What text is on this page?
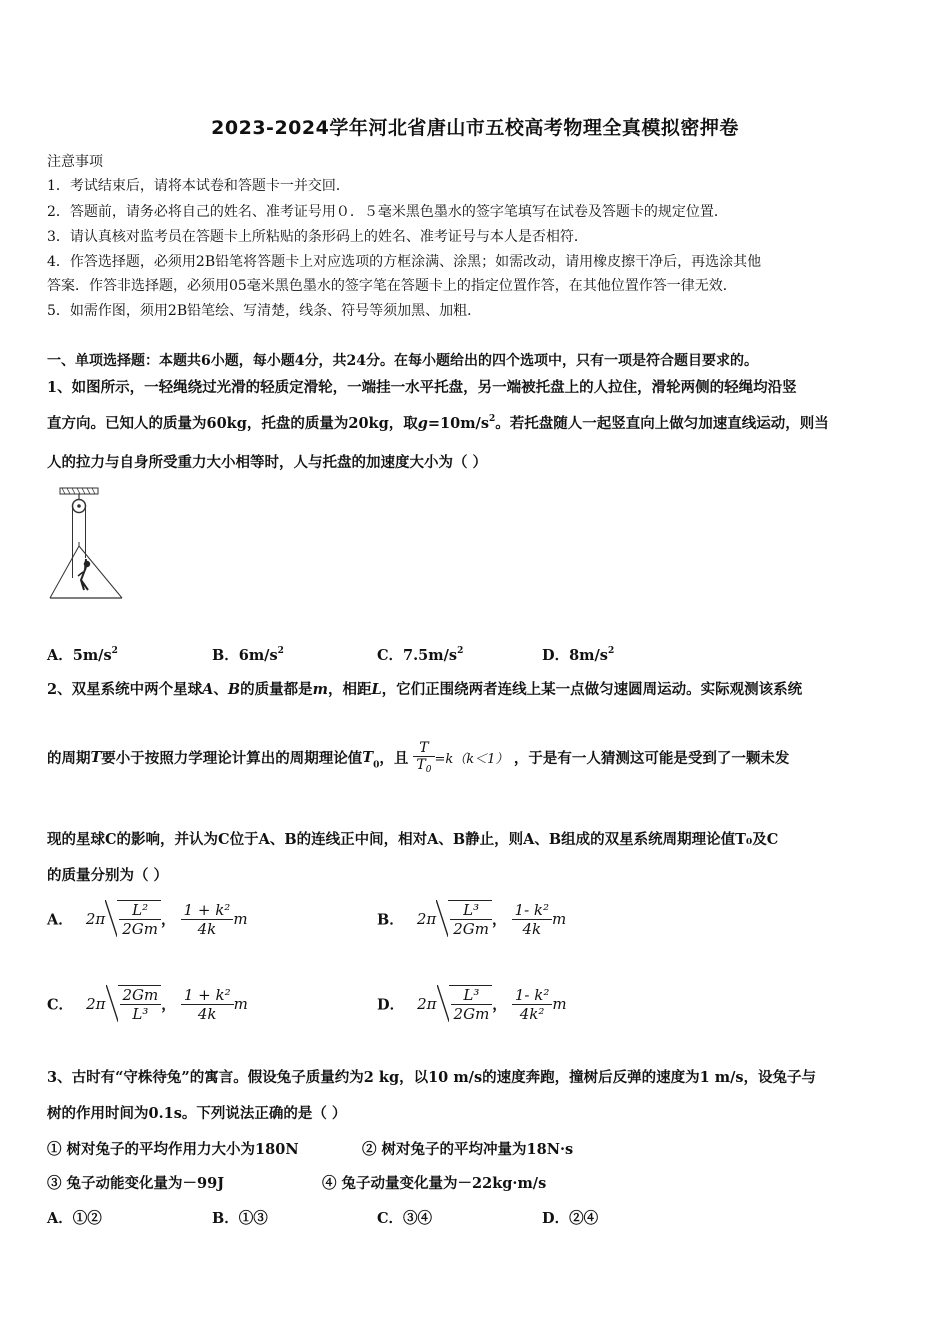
2023-2024学年河北省唐山市五校高考物理全真模拟密押卷
注意事项
1．考试结束后，请将本试卷和答题卡一并交回．
2．答题前，请务必将自己的姓名、准考证号用０．５毫米黑色墨水的签字笔填写在试卷及答题卡的规定位置．
3．请认真核对监考员在答题卡上所粘贴的条形码上的姓名、准考证号与本人是否相符．
4．作答选择题，必须用2B铅笔将答题卡上对应选项的方框涂满、涂黑；如需改动，请用橡皮擦干净后，再选涂其他
答案．作答非选择题，必须用05毫米黑色墨水的签字笔在答题卡上的指定位置作答，在其他位置作答一律无效．
5．如需作图，须用2B铅笔绘、写清楚，线条、符号等须加黑、加粗．
一、单项选择题：本题共6小题，每小题4分，共24分。在每小题给出的四个选项中，只有一项是符合题目要求的。
1、如图所示，一轻绳绕过光滑的轻质定滑轮，一端挂一水平托盘，另一端被托盘上的人拉住，滑轮两侧的轻绳均沿竖
直方向。已知人的质量为60kg，托盘的质量为20kg，取$g=10m/s^2$。若托盘随人一起竖直向上做匀加速直线运动，则当
人的拉力与自身所受重力大小相等时，人与托盘的加速度大小为（ ）
A．$5m/s^2$	B．$6m/s^2$	C．$7.5m/s^2$	D．$8m/s^2$
2、双星系统中两个星球A、B的质量都是m，相距L，它们正围绕两者连线上某一点做匀速圆周运动。实际观测该系统
的周期T要小于按照力学理论计算出的周期理论值$T_0$，且 $\frac{T}{T_0} =k(k<1)$ ，于是有一人猜测这可能是受到了一颗未发
现的星球C的影响，并认为C位于A、B的连线正中间，相对A、B静止，则A、B组成的双星系统周期理论值T₀及C
的质量分别为（ ）
A． $2\pi \frac{\text{L²}}{2Gm}$ ， $\frac{\text{1 + k²}}{4k}$ m	B． $2\pi \frac{\text{L³}}{2Gm}$ ， $\frac{\text{1- k²}}{4k}$ m
C． $2\pi \frac{2Gm}{\text{L³}}$ ， $\frac{\text{1 + k²}}{4k}$ m	D． $2\pi \frac{\text{L³}}{2Gm}$ ， $\frac{\text{1- k²}}{\text{4k²}}$ m
3、古时有“守株待兔”的寓言。假设兔子质量约为2 kg，以10 m/s的速度奔跑，撞树后反弹的速度为1 m/s，设兔子与
树的作用时间为0.1s。下列说法正确的是（ ）
① 树对兔子的平均作用力大小为180N	② 树对兔子的平均冲量为18N·s
③ 兔子动能变化量为－99J	④ 兔子动量变化量为－22kg·m/s
A．①②	B．①③	C．③④	D．②④
